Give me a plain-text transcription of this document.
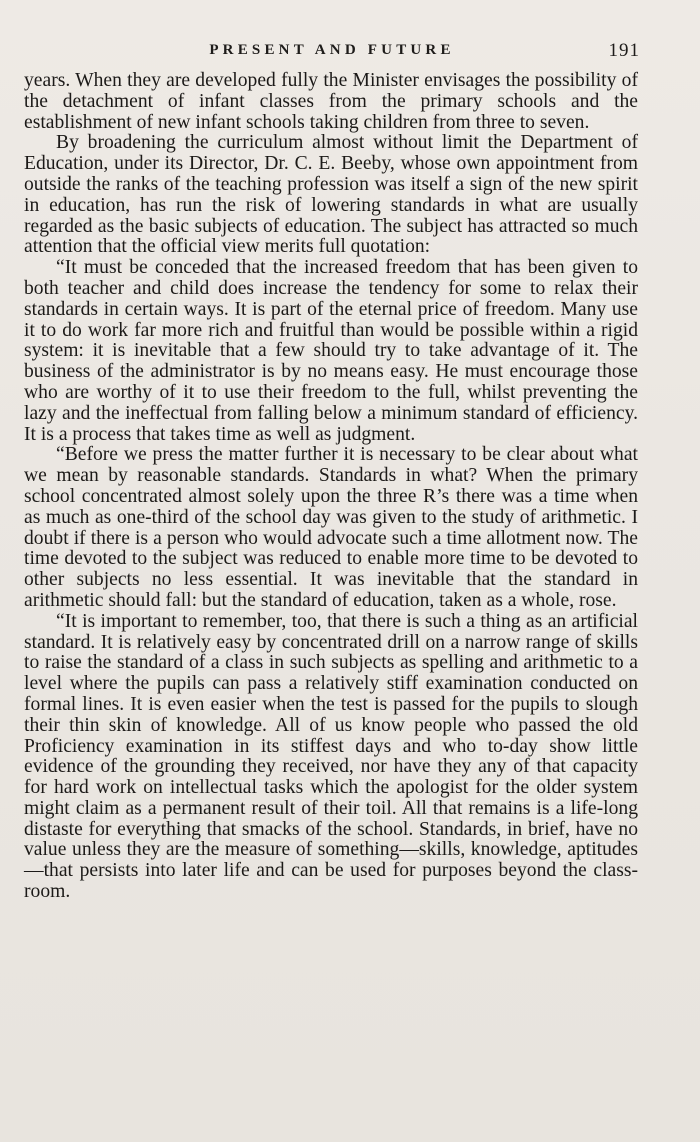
PRESENT AND FUTURE	191

years. When they are developed fully the Minister envisages the possibility of the detachment of infant classes from the primary schools and the establishment of new infant schools taking children from three to seven.

By broadening the curriculum almost without limit the Department of Education, under its Director, Dr. C. E. Beeby, whose own appointment from outside the ranks of the teaching profession was itself a sign of the new spirit in education, has run the risk of lowering standards in what are usually regarded as the basic subjects of education. The subject has attracted so much attention that the official view merits full quotation:

“It must be conceded that the increased freedom that has been given to both teacher and child does increase the tendency for some to relax their standards in certain ways. It is part of the eternal price of freedom. Many use it to do work far more rich and fruitful than would be possible within a rigid system: it is inevitable that a few should try to take advantage of it. The business of the administrator is by no means easy. He must encourage those who are worthy of it to use their freedom to the full, whilst preventing the lazy and the ineffectual from falling below a minimum standard of efficiency. It is a process that takes time as well as judgment.

“Before we press the matter further it is necessary to be clear about what we mean by reasonable standards. Standards in what? When the primary school concentrated almost solely upon the three R’s there was a time when as much as one-third of the school day was given to the study of arithmetic. I doubt if there is a person who would advocate such a time allotment now. The time devoted to the subject was reduced to enable more time to be devoted to other subjects no less essential. It was inevitable that the standard in arithmetic should fall: but the standard of education, taken as a whole, rose.

“It is important to remember, too, that there is such a thing as an artificial standard. It is relatively easy by concentrated drill on a narrow range of skills to raise the standard of a class in such subjects as spelling and arithmetic to a level where the pupils can pass a relatively stiff examination conducted on formal lines. It is even easier when the test is passed for the pupils to slough their thin skin of knowledge. All of us know people who passed the old Proficiency examination in its stiffest days and who to-day show little evidence of the grounding they received, nor have they any of that capacity for hard work on intellectual tasks which the apologist for the older system might claim as a permanent result of their toil. All that remains is a life-long distaste for everything that smacks of the school. Standards, in brief, have no value unless they are the measure of something—skills, knowledge, aptitudes—that persists into later life and can be used for purposes beyond the class-room.
